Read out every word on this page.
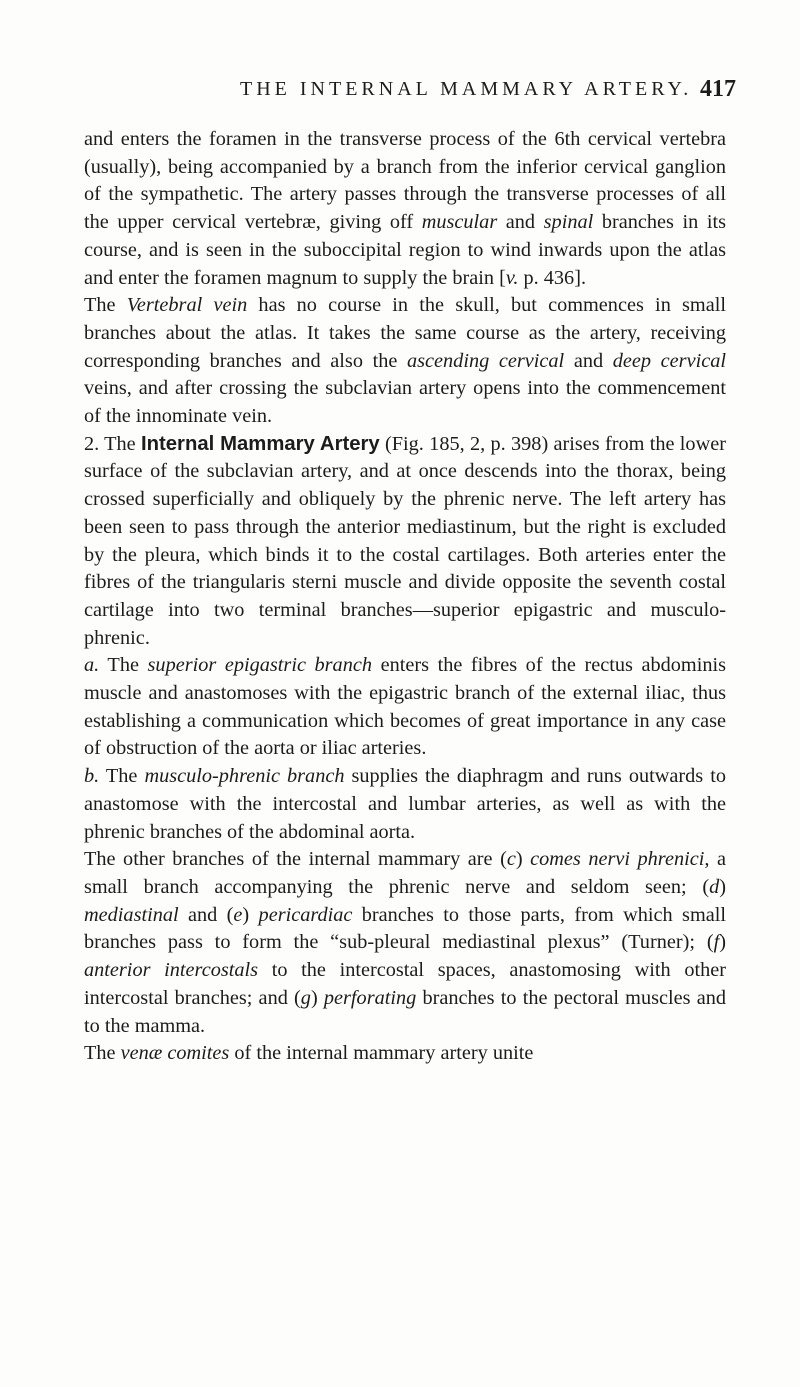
THE INTERNAL MAMMARY ARTERY. 417

and enters the foramen in the transverse process of the 6th cervical vertebra (usually), being accompanied by a branch from the inferior cervical ganglion of the sympathetic. The artery passes through the transverse processes of all the upper cervical vertebræ, giving off muscular and spinal branches in its course, and is seen in the suboccipital region to wind inwards upon the atlas and enter the foramen magnum to supply the brain [v. p. 436].

The Vertebral vein has no course in the skull, but commences in small branches about the atlas. It takes the same course as the artery, receiving corresponding branches and also the ascending cervical and deep cervical veins, and after crossing the subclavian artery opens into the commencement of the innominate vein.

2. The Internal Mammary Artery (Fig. 185, 2, p. 398) arises from the lower surface of the subclavian artery, and at once descends into the thorax, being crossed superficially and obliquely by the phrenic nerve. The left artery has been seen to pass through the anterior mediastinum, but the right is excluded by the pleura, which binds it to the costal cartilages. Both arteries enter the fibres of the triangularis sterni muscle and divide opposite the seventh costal cartilage into two terminal branches—superior epigastric and musculo-phrenic.

a. The superior epigastric branch enters the fibres of the rectus abdominis muscle and anastomoses with the epigastric branch of the external iliac, thus establishing a communication which becomes of great importance in any case of obstruction of the aorta or iliac arteries.

b. The musculo-phrenic branch supplies the diaphragm and runs outwards to anastomose with the intercostal and lumbar arteries, as well as with the phrenic branches of the abdominal aorta.

The other branches of the internal mammary are (c) comes nervi phrenici, a small branch accompanying the phrenic nerve and seldom seen; (d) mediastinal and (e) pericardiac branches to those parts, from which small branches pass to form the “sub-pleural mediastinal plexus” (Turner); (f) anterior intercostals to the intercostal spaces, anastomosing with other intercostal branches; and (g) perforating branches to the pectoral muscles and to the mamma.

The venæ comites of the internal mammary artery unite
